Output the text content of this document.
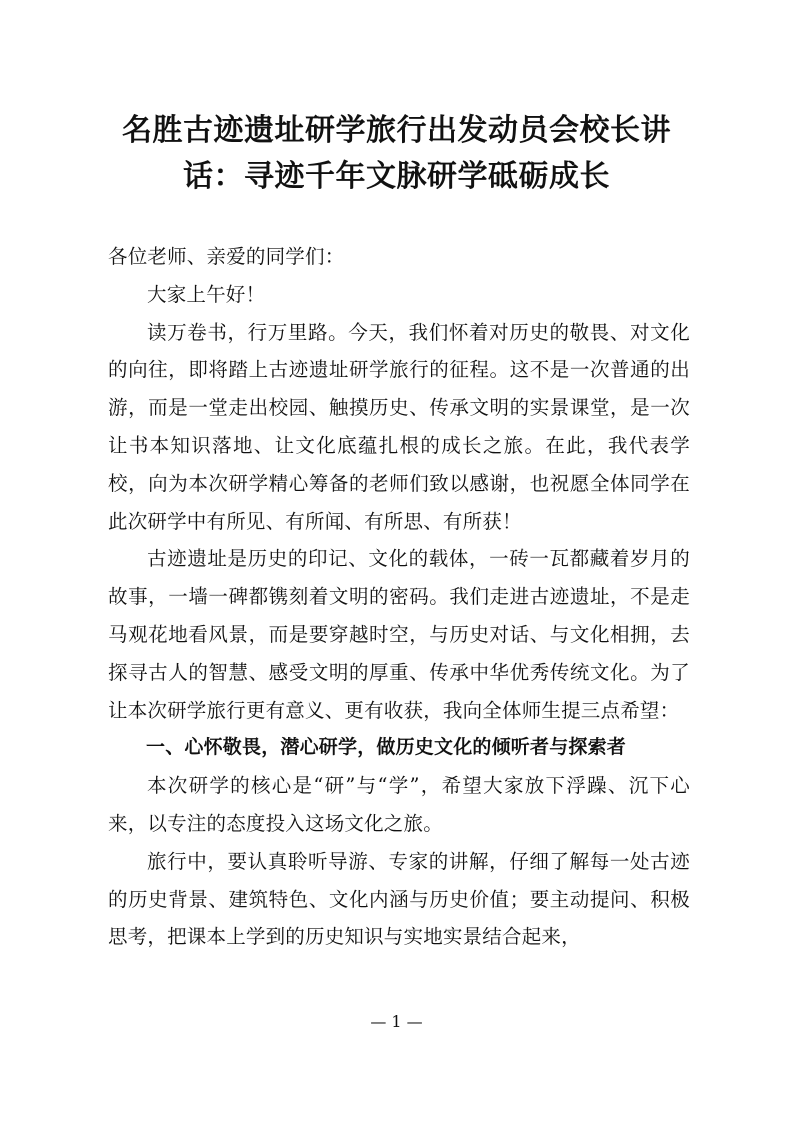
名胜古迹遗址研学旅行出发动员会校长讲话：寻迹千年文脉研学砥砺成长

各位老师、亲爱的同学们：

大家上午好！

读万卷书，行万里路。今天，我们怀着对历史的敬畏、对文化的向往，即将踏上古迹遗址研学旅行的征程。这不是一次普通的出游，而是一堂走出校园、触摸历史、传承文明的实景课堂，是一次让书本知识落地、让文化底蕴扎根的成长之旅。在此，我代表学校，向为本次研学精心筹备的老师们致以感谢，也祝愿全体同学在此次研学中有所见、有所闻、有所思、有所获！

古迹遗址是历史的印记、文化的载体，一砖一瓦都藏着岁月的故事，一墙一碑都镌刻着文明的密码。我们走进古迹遗址，不是走马观花地看风景，而是要穿越时空，与历史对话、与文化相拥，去探寻古人的智慧、感受文明的厚重、传承中华优秀传统文化。为了让本次研学旅行更有意义、更有收获，我向全体师生提三点希望：

一、心怀敬畏，潜心研学，做历史文化的倾听者与探索者

本次研学的核心是“研”与“学”，希望大家放下浮躁、沉下心来，以专注的态度投入这场文化之旅。

旅行中，要认真聆听导游、专家的讲解，仔细了解每一处古迹的历史背景、建筑特色、文化内涵与历史价值；要主动提问、积极思考，把课本上学到的历史知识与实地实景结合起来，

— 1 —
